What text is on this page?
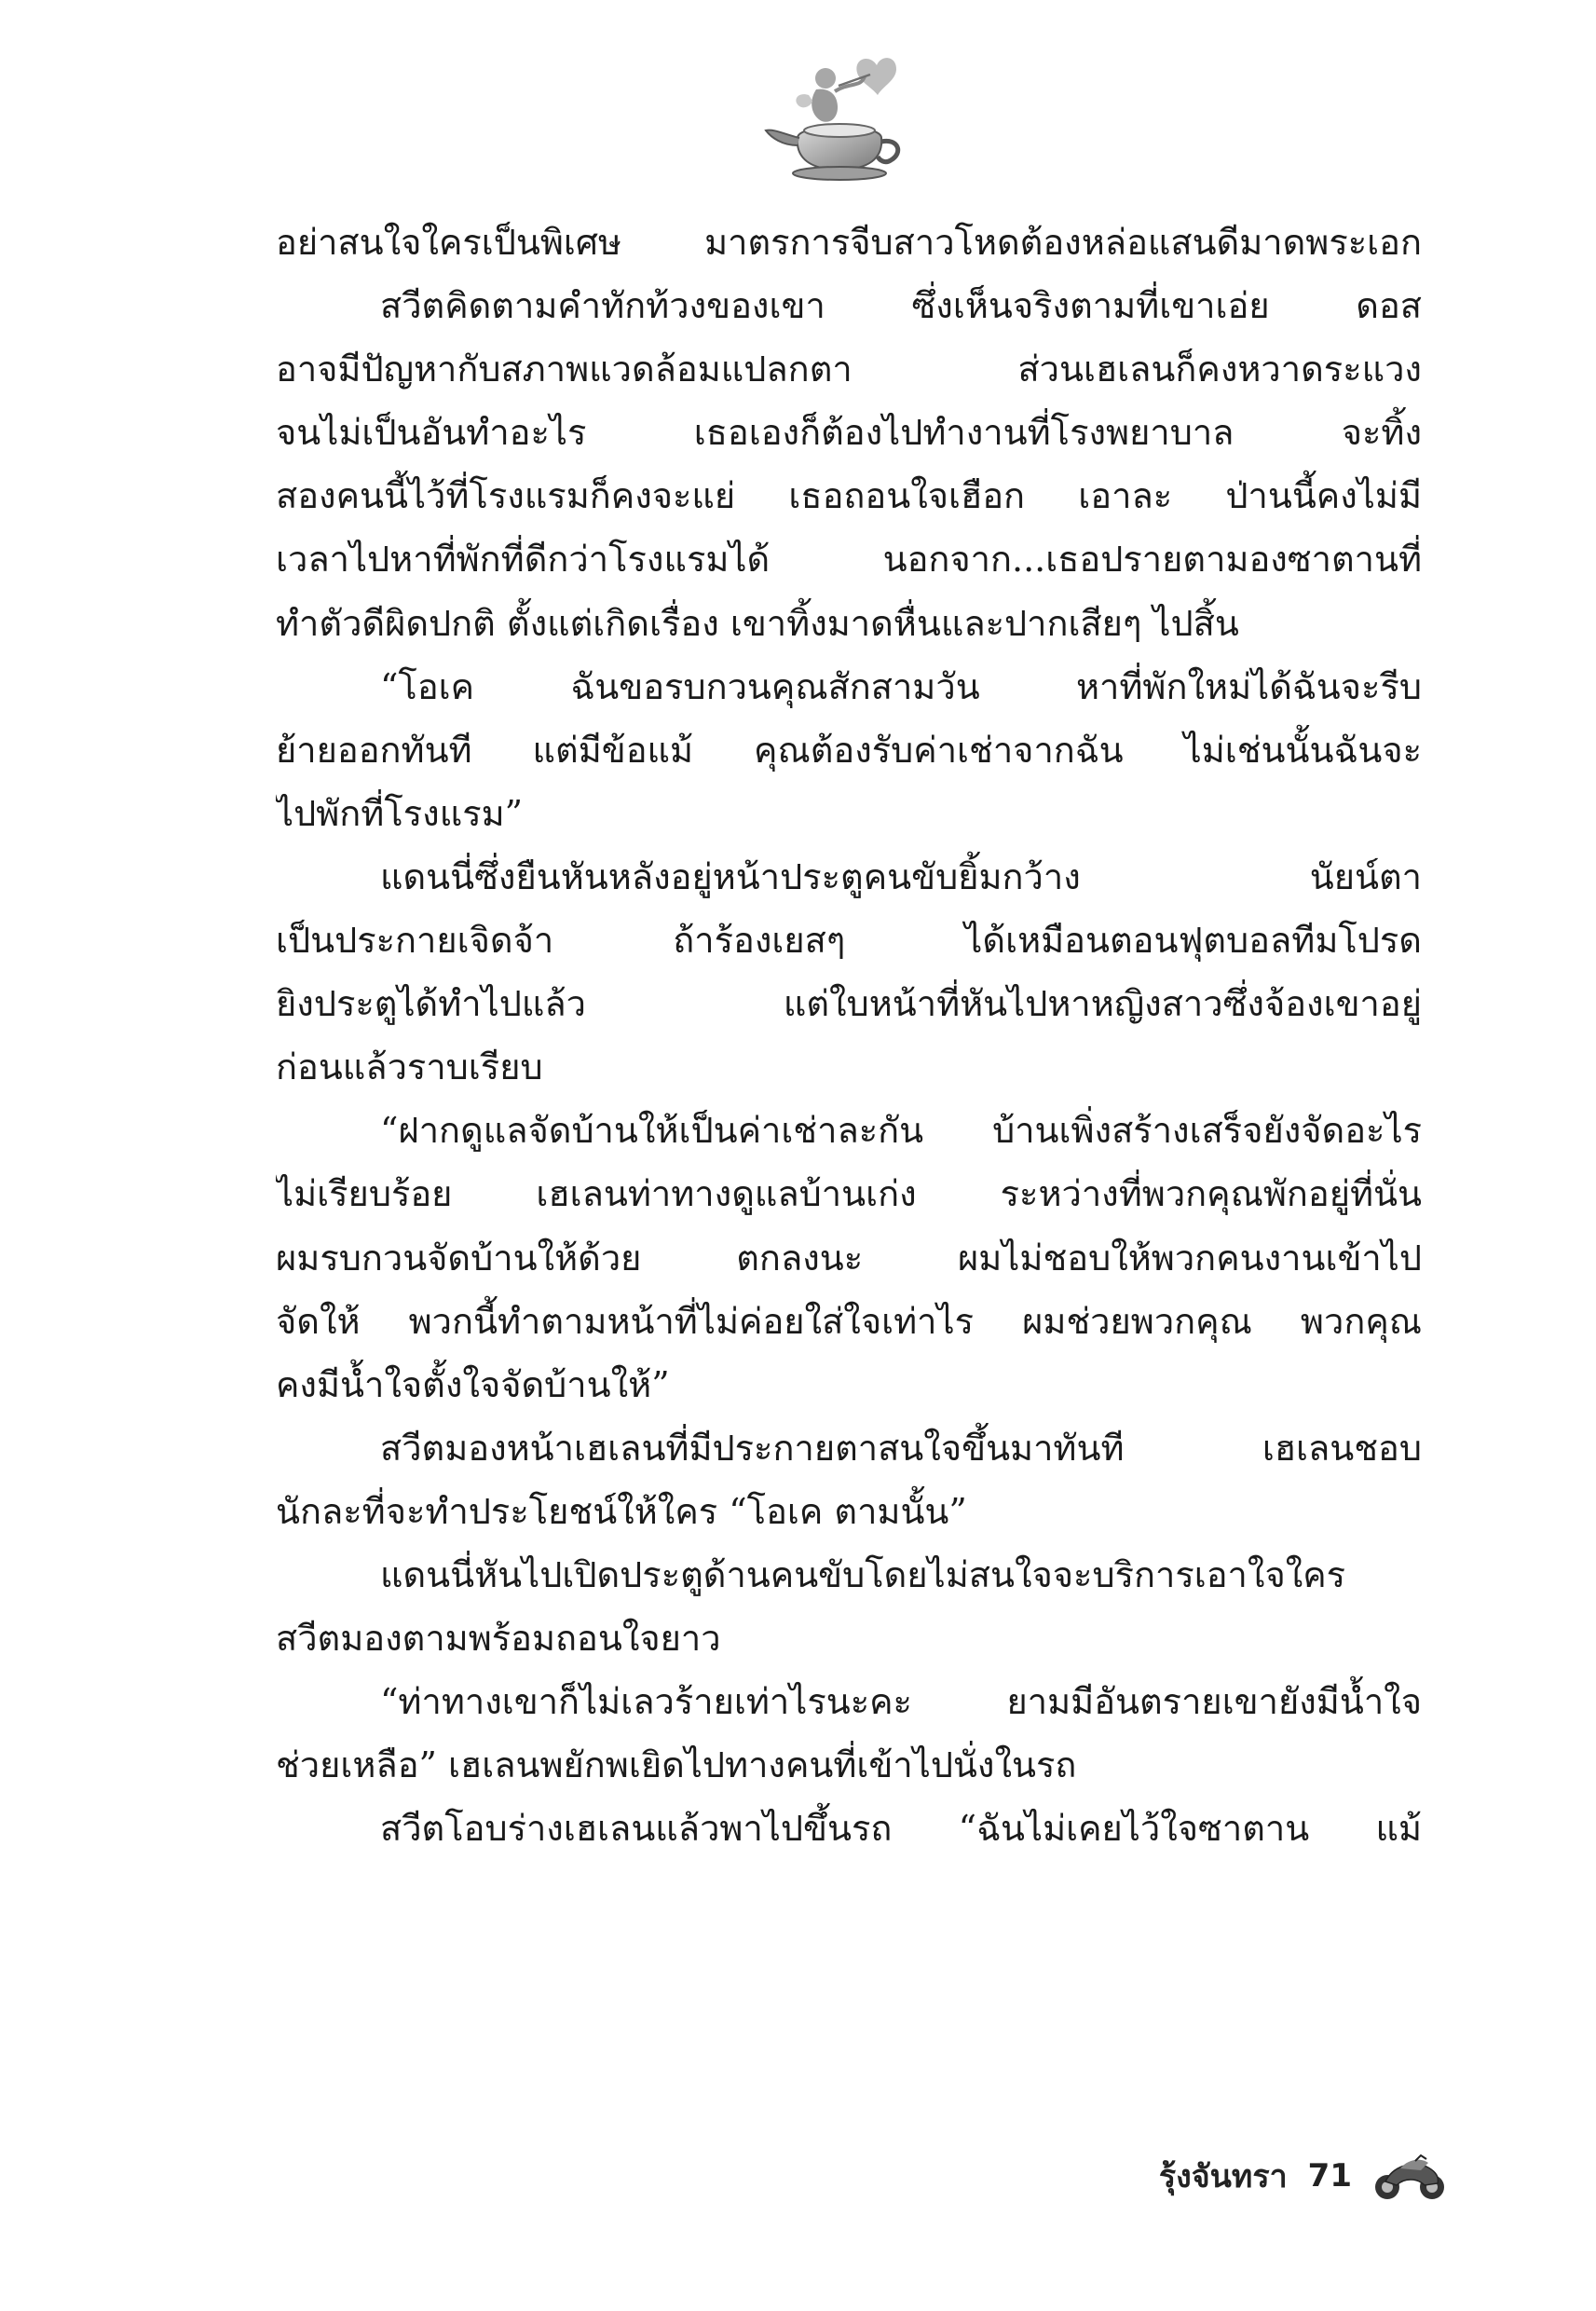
อย่าสนใจใครเป็นพิเศษ มาตรการจีบสาวโหดต้องหล่อแสนดีมาดพระเอก
สวีตคิดตามคำทักท้วงของเขา ซึ่งเห็นจริงตามที่เขาเอ่ย ดอส
อาจมีปัญหากับสภาพแวดล้อมแปลกตา ส่วนเฮเลนก็คงหวาดระแวง
จนไม่เป็นอันทำอะไร เธอเองก็ต้องไปทำงานที่โรงพยาบาล จะทิ้ง
สองคนนี้ไว้ที่โรงแรมก็คงจะแย่ เธอถอนใจเฮือก เอาละ ป่านนี้คงไม่มี
เวลาไปหาที่พักที่ดีกว่าโรงแรมได้ นอกจาก...เธอปรายตามองซาตานที่
ทำตัวดีผิดปกติ ตั้งแต่เกิดเรื่อง เขาทิ้งมาดหื่นและปากเสียๆ ไปสิ้น
“โอเค ฉันขอรบกวนคุณสักสามวัน หาที่พักใหม่ได้ฉันจะรีบ
ย้ายออกทันที แต่มีข้อแม้ คุณต้องรับค่าเช่าจากฉัน ไม่เช่นนั้นฉันจะ
ไปพักที่โรงแรม”
แดนนี่ซึ่งยืนหันหลังอยู่หน้าประตูคนขับยิ้มกว้าง นัยน์ตา
เป็นประกายเจิดจ้า ถ้าร้องเยสๆ ได้เหมือนตอนฟุตบอลทีมโปรด
ยิงประตูได้ทำไปแล้ว แต่ใบหน้าที่หันไปหาหญิงสาวซึ่งจ้องเขาอยู่
ก่อนแล้วราบเรียบ
“ฝากดูแลจัดบ้านให้เป็นค่าเช่าละกัน บ้านเพิ่งสร้างเสร็จยังจัดอะไร
ไม่เรียบร้อย เฮเลนท่าทางดูแลบ้านเก่ง ระหว่างที่พวกคุณพักอยู่ที่นั่น
ผมรบกวนจัดบ้านให้ด้วย ตกลงนะ ผมไม่ชอบให้พวกคนงานเข้าไป
จัดให้ พวกนี้ทำตามหน้าที่ไม่ค่อยใส่ใจเท่าไร ผมช่วยพวกคุณ พวกคุณ
คงมีน้ำใจตั้งใจจัดบ้านให้”
สวีตมองหน้าเฮเลนที่มีประกายตาสนใจขึ้นมาทันที เฮเลนชอบ
นักละที่จะทำประโยชน์ให้ใคร “โอเค ตามนั้น”
แดนนี่หันไปเปิดประตูด้านคนขับโดยไม่สนใจจะบริการเอาใจใคร
สวีตมองตามพร้อมถอนใจยาว
“ท่าทางเขาก็ไม่เลวร้ายเท่าไรนะคะ ยามมีอันตรายเขายังมีน้ำใจ
ช่วยเหลือ” เฮเลนพยักพเยิดไปทางคนที่เข้าไปนั่งในรถ
สวีตโอบร่างเฮเลนแล้วพาไปขึ้นรถ “ฉันไม่เคยไว้ใจซาตาน แม้
รุ้งจันทรา 71
